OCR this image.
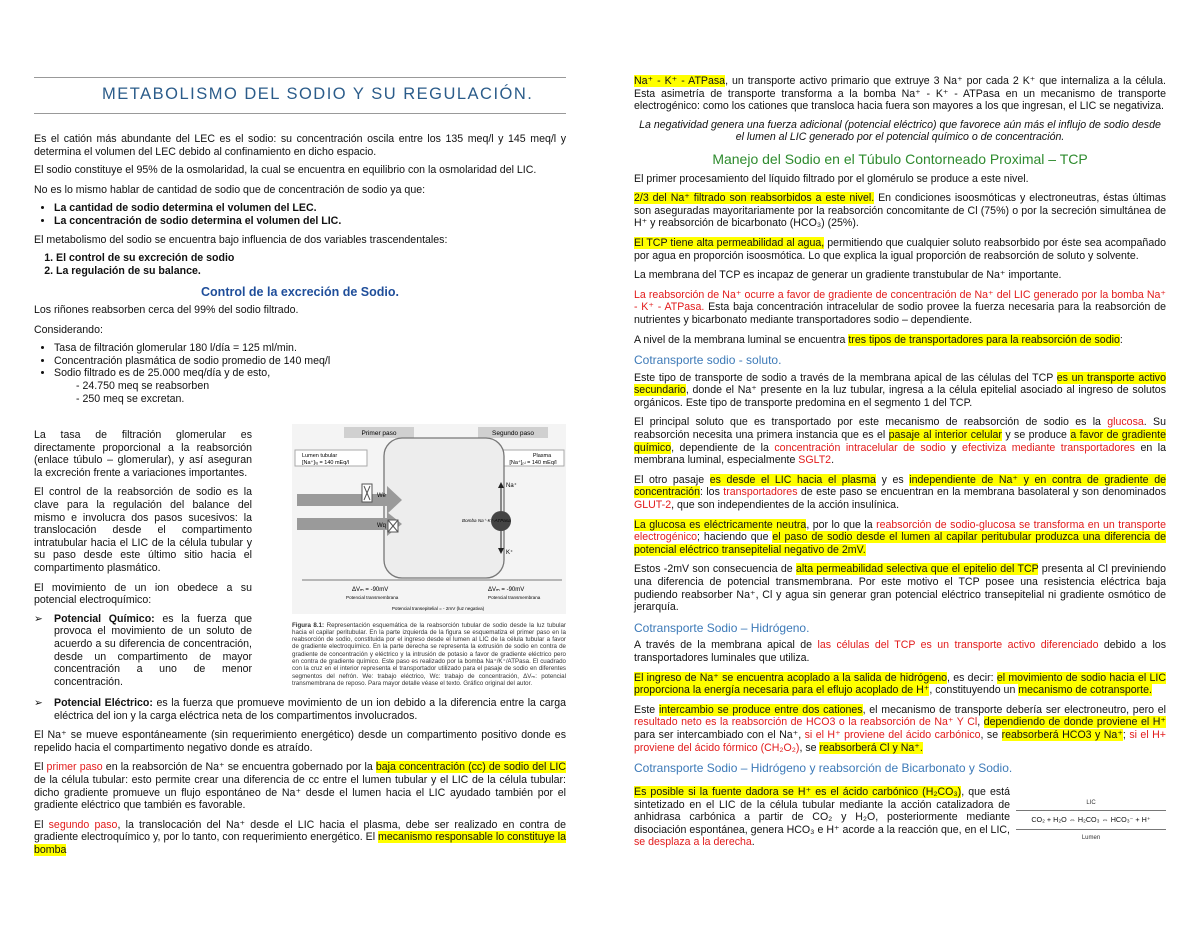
METABOLISMO DEL SODIO Y SU REGULACIÓN.

Es el catión más abundante del LEC es el sodio: su concentración oscila entre los 135 meq/l y 145 meq/l y determina el volumen del LEC debido al confinamiento en dicho espacio.

El sodio constituye el 95% de la osmolaridad, la cual se encuentra en equilibrio con la osmolaridad del LIC.

No es lo mismo hablar de cantidad de sodio que de concentración de sodio ya que:

• La cantidad de sodio determina el volumen del LEC.
• La concentración de sodio determina el volumen del LIC.

El metabolismo del sodio se encuentra bajo influencia de dos variables trascendentales:

1. El control de su excreción de sodio
2. La regulación de su balance.

Control de la excreción de Sodio.

Los riñones reabsorben cerca del 99% del sodio filtrado.

Considerando:

• Tasa de filtración glomerular 180 l/día = 125 ml/min.
• Concentración plasmática de sodio promedio de 140 meq/l
• Sodio filtrado es de 25.000 meq/día y de esto,
- 24.750 meq se reabsorben
- 250 meq se excretan.

La tasa de filtración glomerular es directamente proporcional a la reabsorción (enlace túbulo – glomerular), y así aseguran la excreción frente a variaciones importantes.

El control de la reabsorción de sodio es la clave para la regulación del balance del mismo e involucra dos pasos sucesivos: la translocación desde el compartimento intratubular hacia el LIC de la célula tubular y su paso desde este último sitio hacia el compartimento plasmático.

El movimiento de un ion obedece a su potencial electroquímico:

➢ Potencial Químico: es la fuerza que provoca el movimiento de un soluto de acuerdo a su diferencia de concentración, desde un compartimento de mayor concentración a uno de menor concentración.
➢ Potencial Eléctrico: es la fuerza que promueve movimiento de un ion debido a la diferencia entre la carga eléctrica del ion y la carga eléctrica neta de los compartimentos involucrados.

El Na⁺ se mueve espontáneamente (sin requerimiento energético) desde un compartimento positivo donde es repelido hacia el compartimento negativo donde es atraído.

El primer paso en la reabsorción de Na⁺ se encuentra gobernado por la baja concentración (cc) de sodio del LIC de la célula tubular: esto permite crear una diferencia de cc entre el lumen tubular y el LIC de la célula tubular: dicho gradiente promueve un flujo espontáneo de Na⁺ desde el lumen hacia el LIC ayudado también por el gradiente eléctrico que también es favorable.

El segundo paso, la translocación del Na⁺ desde el LIC hacia el plasma, debe ser realizado en contra de gradiente electroquímico y, por lo tanto, con requerimiento energético. El mecanismo responsable lo constituye la bomba

Primer paso	Segundo paso
Lumen tubular
[Na⁺]ₗᵤ = 140 mEq/l
Plasma
[Na⁺]ₚₗ = 140 mEq/l
We
Wq
Na⁺
K⁺
Bomba Na⁺-K⁺-ATPasa
ΔVₘ = -90mV	ΔVₘ = -90mV
Potencial transmembrana	Potencial transmembrana
Potencial transepitelial = - 2mV (luz negativa)

Figura 8.1: Representación esquemática de la reabsorción tubular de sodio desde la luz tubular hacia el capilar peritubular. En la parte izquierda de la figura se esquematiza el primer paso en la reabsorción de sodio, constituida por el ingreso desde el lumen al LIC de la célula tubular a favor de gradiente electroquímico. En la parte derecha se representa la extrusión de sodio en contra de gradiente de concentración y eléctrico y la intrusión de potasio a favor de gradiente eléctrico pero en contra de gradiente químico. Este paso es realizado por la bomba Na⁺/K⁺/ATPasa. El cuadrado con la cruz en el interior representa el transportador utilizado para el pasaje de sodio en diferentes segmentos del nefrón. We: trabajo eléctrico, Wc: trabajo de concentración, ΔVₘ: potencial transmembrana de reposo. Para mayor detalle véase el texto. Gráfico original del autor.

Na⁺ - K⁺ - ATPasa, un transporte activo primario que extruye 3 Na⁺ por cada 2 K⁺ que internaliza a la célula. Esta asimetría de transporte transforma a la bomba Na⁺ - K⁺ - ATPasa en un mecanismo de transporte electrogénico: como los cationes que transloca hacia fuera son mayores a los que ingresan, el LIC se negativiza.

La negatividad genera una fuerza adicional (potencial eléctrico) que favorece aún más el influjo de sodio desde el lumen al LIC generado por el potencial químico o de concentración.

Manejo del Sodio en el Túbulo Contorneado Proximal – TCP

El primer procesamiento del líquido filtrado por el glomérulo se produce a este nivel.

2/3 del Na⁺ filtrado son reabsorbidos a este nivel. En condiciones isoosmóticas y electroneutras, éstas últimas son aseguradas mayoritariamente por la reabsorción concomitante de Cl (75%) o por la secreción simultánea de H⁺ y reabsorción de bicarbonato (HCO₃) (25%).

El TCP tiene alta permeabilidad al agua, permitiendo que cualquier soluto reabsorbido por éste sea acompañado por agua en proporción isoosmótica. Lo que explica la igual proporción de reabsorción de soluto y solvente.

La membrana del TCP es incapaz de generar un gradiente transtubular de Na⁺ importante.

La reabsorción de Na⁺ ocurre a favor de gradiente de concentración de Na⁺ del LIC generado por la bomba Na⁺ - K⁺ - ATPasa. Esta baja concentración intracelular de sodio provee la fuerza necesaria para la reabsorción de nutrientes y bicarbonato mediante transportadores sodio – dependiente.

A nivel de la membrana luminal se encuentra tres tipos de transportadores para la reabsorción de sodio:

Cotransporte sodio - soluto.

Este tipo de transporte de sodio a través de la membrana apical de las células del TCP es un transporte activo secundario, donde el Na⁺ presente en la luz tubular, ingresa a la célula epitelial asociado al ingreso de solutos orgánicos. Este tipo de transporte predomina en el segmento 1 del TCP.

El principal soluto que es transportado por este mecanismo de reabsorción de sodio es la glucosa. Su reabsorción necesita una primera instancia que es el pasaje al interior celular y se produce a favor de gradiente químico, dependiente de la concentración intracelular de sodio y efectiviza mediante transportadores en la membrana luminal, especialmente SGLT2.

El otro pasaje es desde el LIC hacia el plasma y es independiente de Na⁺ y en contra de gradiente de concentración: los transportadores de este paso se encuentran en la membrana basolateral y son denominados GLUT-2, que son independientes de la acción insulínica.

La glucosa es eléctricamente neutra, por lo que la reabsorción de sodio-glucosa se transforma en un transporte electrogénico; haciendo que el paso de sodio desde el lumen al capilar peritubular produzca una diferencia de potencial eléctrico transepitelial negativo de 2mV.

Estos -2mV son consecuencia de alta permeabilidad selectiva que el epitelio del TCP presenta al Cl previniendo una diferencia de potencial transmembrana. Por este motivo el TCP posee una resistencia eléctrica baja pudiendo reabsorber Na⁺, Cl y agua sin generar gran potencial eléctrico transepitelial ni gradiente osmótico de jerarquía.

Cotransporte Sodio – Hidrógeno.

A través de la membrana apical de las células del TCP es un transporte activo diferenciado debido a los transportadores luminales que utiliza.

El ingreso de Na⁺ se encuentra acoplado a la salida de hidrógeno, es decir: el movimiento de sodio hacia el LIC proporciona la energía necesaria para el eflujo acoplado de H⁺, constituyendo un mecanismo de cotransporte.

Este intercambio se produce entre dos cationes, el mecanismo de transporte debería ser electroneutro, pero el resultado neto es la reabsorción de HCO3 o la reabsorción de Na⁺ Y Cl, dependiendo de donde proviene el H⁺ para ser intercambiado con el Na⁺, si el H⁺ proviene del ácido carbónico, se reabsorberá HCO3 y Na⁺; si el H+ proviene del ácido fórmico (CH₂O₂), se reabsorberá Cl y Na⁺.

Cotransporte Sodio – Hidrógeno y reabsorción de Bicarbonato y Sodio.

Es posible si la fuente dadora se H⁺ es el ácido carbónico (H₂CO₃), que está sintetizado en el LIC de la célula tubular mediante la acción catalizadora de anhidrasa carbónica a partir de CO₂ y H₂O, posteriormente mediante disociación espontánea, genera HCO₃ e H⁺ acorde a la reacción que, en el LIC, se desplaza a la derecha.

LIC
CO₂ + H₂O ⇔ H₂CO₃ ⇔ HCO₃⁻ + H⁺
Lumen
